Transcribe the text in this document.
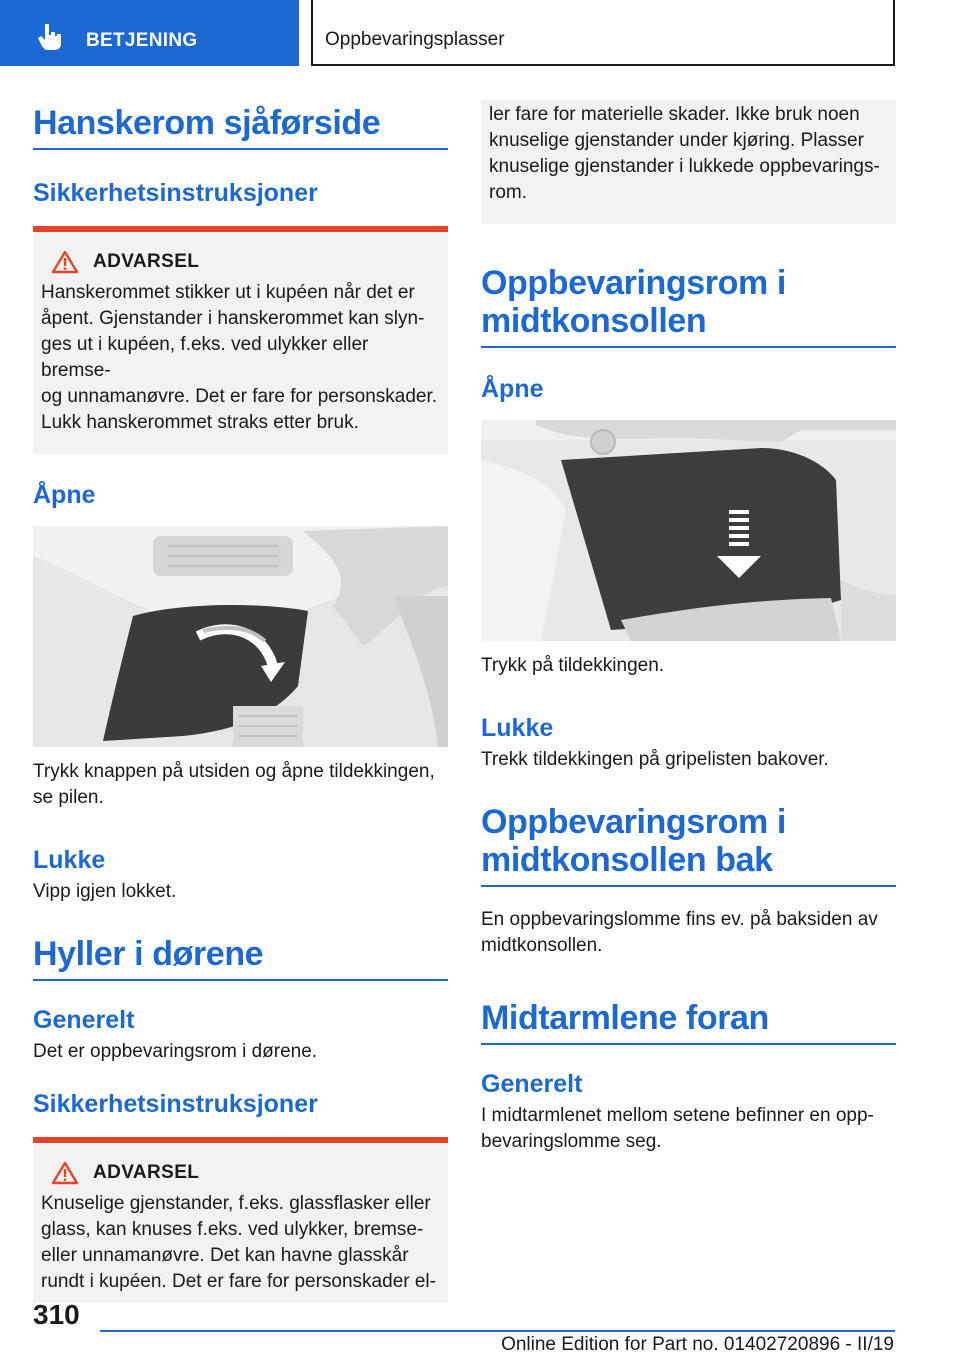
BETJENING	Oppbevaringsplasser
Hanskerom sjåførside
Sikkerhetsinstruksjoner
ADVARSEL
Hanskerommet stikker ut i kupéen når det er
åpent. Gjenstander i hanskerommet kan slyn-
ges ut i kupéen, f.eks. ved ulykker eller bremse-
og unnamanøvre. Det er fare for personskader.
Lukk hanskerommet straks etter bruk.
Åpne
Trykk knappen på utsiden og åpne tildekkingen,
se pilen.
Lukke
Vipp igjen lokket.
Hyller i dørene
Generelt
Det er oppbevaringsrom i dørene.
Sikkerhetsinstruksjoner
ADVARSEL
Knuselige gjenstander, f.eks. glassflasker eller
glass, kan knuses f.eks. ved ulykker, bremse-
eller unnamanøvre. Det kan havne glasskår
rundt i kupéen. Det er fare for personskader el-
ler fare for materielle skader. Ikke bruk noen
knuselige gjenstander under kjøring. Plasser
knuselige gjenstander i lukkede oppbevarings-
rom.
Oppbevaringsrom i
midtkonsollen
Åpne
Trykk på tildekkingen.
Lukke
Trekk tildekkingen på gripelisten bakover.
Oppbevaringsrom i
midtkonsollen bak
En oppbevaringslomme fins ev. på baksiden av
midtkonsollen.
Midtarmlene foran
Generelt
I midtarmlenet mellom setene befinner en opp-
bevaringslomme seg.
310
Online Edition for Part no. 01402720896 - II/19
